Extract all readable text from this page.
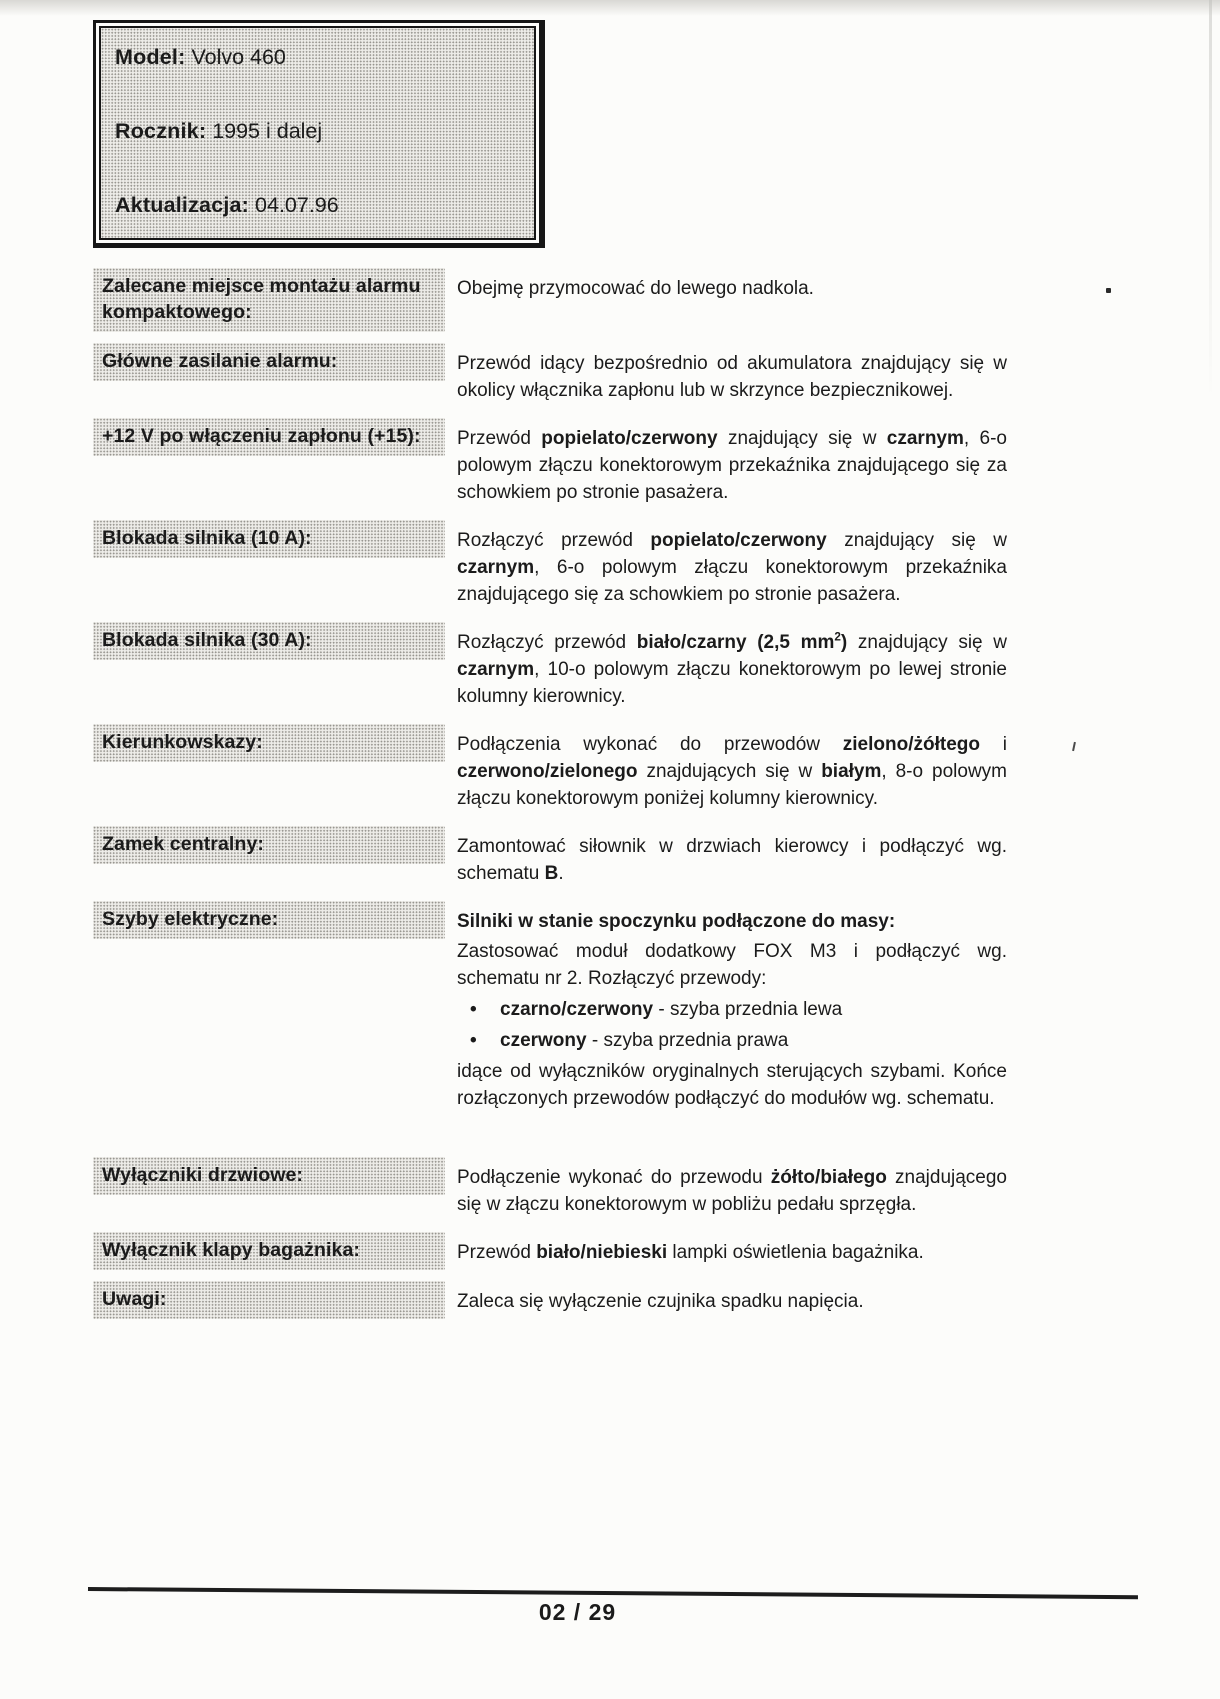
Model: Volvo 460
Rocznik: 1995 i dalej
Aktualizacja: 04.07.96
Zalecane miejsce montażu alarmu kompaktowego:
Obejmę przymocować do lewego nadkola.
Główne zasilanie alarmu:	Przewód idący bezpośrednio od akumulatora znajdujący się w okolicy włącznika zapłonu lub w skrzynce bezpiecznikowej.
+12 V po włączeniu zapłonu (+15):	Przewód popielato/czerwony znajdujący się w czarnym, 6-o polowym złączu konektorowym przekaźnika znajdującego się za schowkiem po stronie pasażera.
Blokada silnika (10 A):	Rozłączyć przewód popielato/czerwony znajdujący się w czarnym, 6-o polowym złączu konektorowym przekaźnika znajdującego się za schowkiem po stronie pasażera.
Blokada silnika (30 A):	Rozłączyć przewód biało/czarny (2,5 $mm^2$) znajdujący się w czarnym, 10-o polowym złączu konektorowym po lewej stronie kolumny kierownicy.
Kierunkowskazy:	Podłączenia wykonać do przewodów zielono/żółtego i czerwono/zielonego znajdujących się w białym, 8-o polowym złączu konektorowym poniżej kolumny kierownicy.
Zamek centralny:	Zamontować siłownik w drzwiach kierowcy i podłączyć wg. schematu B.
Szyby elektryczne:	Silniki w stanie spoczynku podłączone do masy:
Zastosować moduł dodatkowy FOX M3 i podłączyć wg. schematu nr 2. Rozłączyć przewody:
•	czarno/czerwony - szyba przednia lewa
•	czerwony - szyba przednia prawa
idące od wyłączników oryginalnych sterujących szybami. Końce rozłączonych przewodów podłączyć do modułów wg. schematu.
Wyłączniki drzwiowe:	Podłączenie wykonać do przewodu żółto/białego znajdującego się w złączu konektorowym w pobliżu pedału sprzęgła.
Wyłącznik klapy bagażnika:	Przewód biało/niebieski lampki oświetlenia bagażnika.
Uwagi:	Zaleca się wyłączenie czujnika spadku napięcia.
02 / 29
